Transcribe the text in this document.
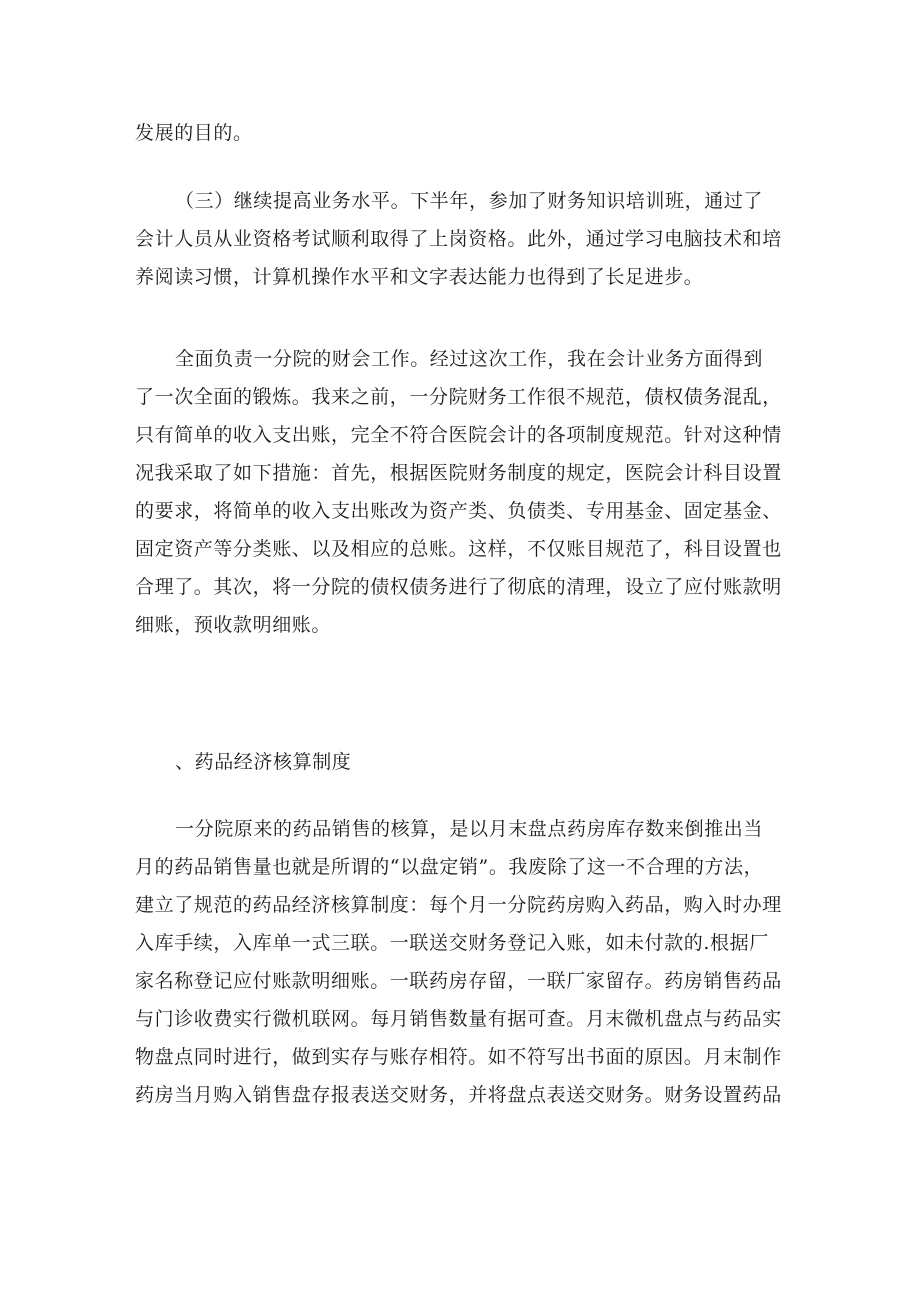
发展的目的。

（三）继续提高业务水平。下半年，参加了财务知识培训班，通过了
会计人员从业资格考试顺利取得了上岗资格。此外，通过学习电脑技术和培
养阅读习惯，计算机操作水平和文字表达能力也得到了长足进步。

全面负责一分院的财会工作。经过这次工作，我在会计业务方面得到
了一次全面的锻炼。我来之前，一分院财务工作很不规范，债权债务混乱，
只有简单的收入支出账，完全不符合医院会计的各项制度规范。针对这种情
况我采取了如下措施：首先，根据医院财务制度的规定，医院会计科目设置
的要求，将简单的收入支出账改为资产类、负债类、专用基金、固定基金、
固定资产等分类账、以及相应的总账。这样，不仅账目规范了，科目设置也
合理了。其次，将一分院的债权债务进行了彻底的清理，设立了应付账款明
细账，预收款明细账。

、药品经济核算制度

一分院原来的药品销售的核算，是以月末盘点药房库存数来倒推出当
月的药品销售量也就是所谓的“以盘定销”。我废除了这一不合理的方法，
建立了规范的药品经济核算制度：每个月一分院药房购入药品，购入时办理
入库手续，入库单一式三联。一联送交财务登记入账，如未付款的.根据厂
家名称登记应付账款明细账。一联药房存留，一联厂家留存。药房销售药品
与门诊收费实行微机联网。每月销售数量有据可查。月末微机盘点与药品实
物盘点同时进行，做到实存与账存相符。如不符写出书面的原因。月末制作
药房当月购入销售盘存报表送交财务，并将盘点表送交财务。财务设置药品
